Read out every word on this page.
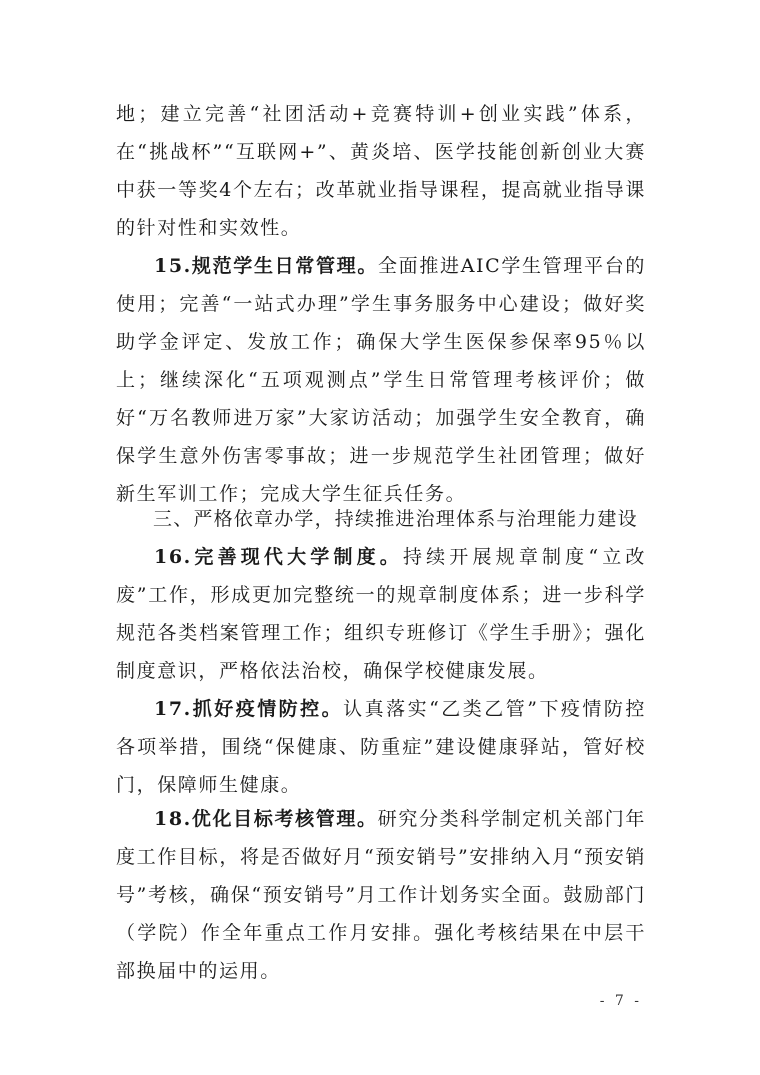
地；建立完善“社团活动+竞赛特训+创业实践”体系，在“挑战杯”“互联网+”、黄炎培、医学技能创新创业大赛中获一等奖4个左右；改革就业指导课程，提高就业指导课的针对性和实效性。

15.规范学生日常管理。全面推进AIC学生管理平台的使用；完善“一站式办理”学生事务服务中心建设；做好奖助学金评定、发放工作；确保大学生医保参保率95％以上；继续深化“五项观测点”学生日常管理考核评价；做好“万名教师进万家”大家访活动；加强学生安全教育，确保学生意外伤害零事故；进一步规范学生社团管理；做好新生军训工作；完成大学生征兵任务。

三、严格依章办学，持续推进治理体系与治理能力建设

16.完善现代大学制度。持续开展规章制度“立改废”工作，形成更加完整统一的规章制度体系；进一步科学规范各类档案管理工作；组织专班修订《学生手册》；强化制度意识，严格依法治校，确保学校健康发展。

17.抓好疫情防控。认真落实“乙类乙管”下疫情防控各项举措，围绕“保健康、防重症”建设健康驿站，管好校门，保障师生健康。

18.优化目标考核管理。研究分类科学制定机关部门年度工作目标，将是否做好月“预安销号”安排纳入月“预安销号”考核，确保“预安销号”月工作计划务实全面。鼓励部门（学院）作全年重点工作月安排。强化考核结果在中层干部换届中的运用。

- 7 -
